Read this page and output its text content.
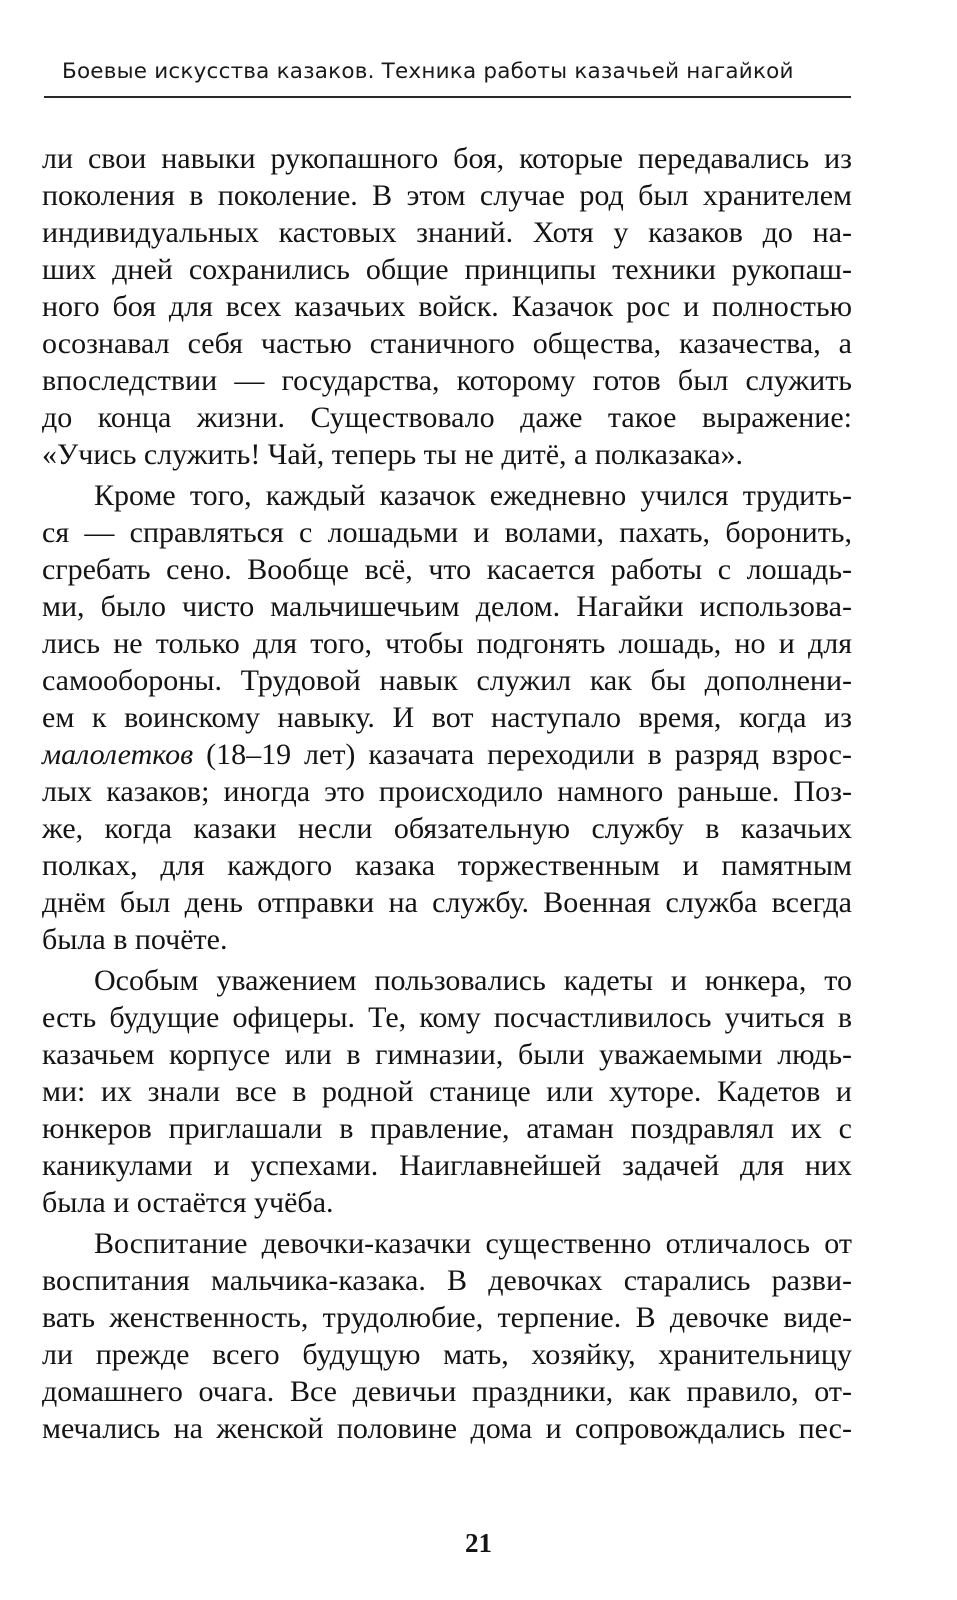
Боевые искусства казаков. Техника работы казачьей нагайкой
ли свои навыки рукопашного боя, которые передавались из
поколения в поколение. В этом случае род был хранителем
индивидуальных кастовых знаний. Хотя у казаков до на-
ших дней сохранились общие принципы техники рукопаш-
ного боя для всех казачьих войск. Казачок рос и полностью
осознавал себя частью станичного общества, казачества, а
впоследствии — государства, которому готов был служить
до конца жизни. Существовало даже такое выражение:
«Учись служить! Чай, теперь ты не дитё, а полказака».
Кроме того, каждый казачок ежедневно учился трудить-
ся — справляться с лошадьми и волами, пахать, боронить,
сгребать сено. Вообще всё, что касается работы с лошадь-
ми, было чисто мальчишечьим делом. Нагайки использова-
лись не только для того, чтобы подгонять лошадь, но и для
самообороны. Трудовой навык служил как бы дополнени-
ем к воинскому навыку. И вот наступало время, когда из
малолетков (18–19 лет) казачата переходили в разряд взрос-
лых казаков; иногда это происходило намного раньше. Поз-
же, когда казаки несли обязательную службу в казачьих
полках, для каждого казака торжественным и памятным
днём был день отправки на службу. Военная служба всегда
была в почёте.
Особым уважением пользовались кадеты и юнкера, то
есть будущие офицеры. Те, кому посчастливилось учиться в
казачьем корпусе или в гимназии, были уважаемыми людь-
ми: их знали все в родной станице или хуторе. Кадетов и
юнкеров приглашали в правление, атаман поздравлял их с
каникулами и успехами. Наиглавнейшей задачей для них
была и остаётся учёба.
Воспитание девочки-казачки существенно отличалось от
воспитания мальчика-казака. В девочках старались разви-
вать женственность, трудолюбие, терпение. В девочке виде-
ли прежде всего будущую мать, хозяйку, хранительницу
домашнего очага. Все девичьи праздники, как правило, от-
мечались на женской половине дома и сопровождались пес-
21
